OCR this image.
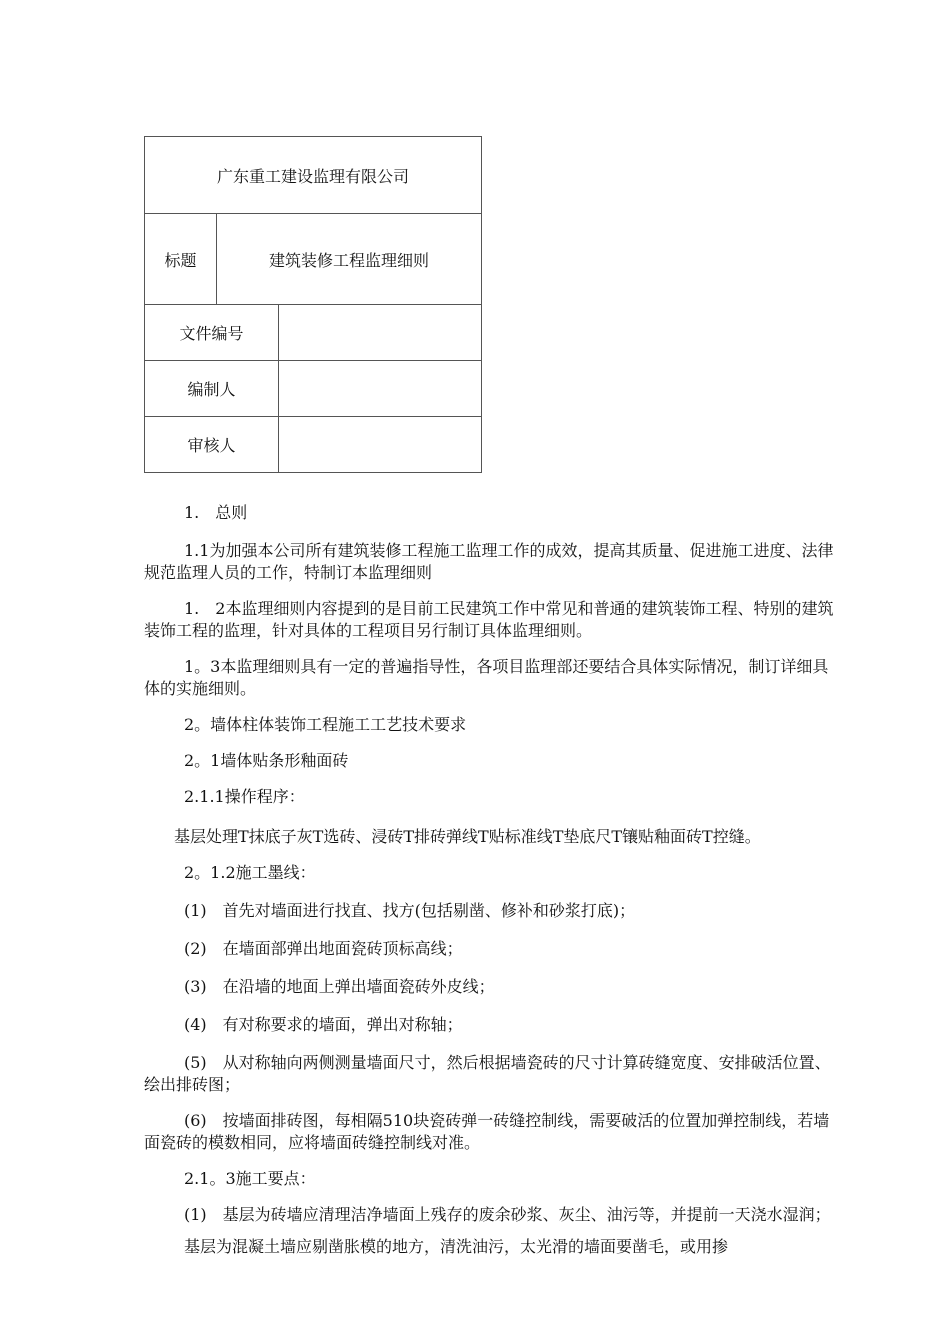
广东重工建设监理有限公司		
标题	建筑装修工程监理细则	
文件编号		
编制人		
审核人		

1.　总则

1.1为加强本公司所有建筑装修工程施工监理工作的成效，提高其质量、促进施工进度、法律规范监理人员的工作，特制订本监理细则

1.　2本监理细则内容提到的是目前工民建筑工作中常见和普通的建筑装饰工程、特别的建筑装饰工程的监理，针对具体的工程项目另行制订具体监理细则。

1。3本监理细则具有一定的普遍指导性，各项目监理部还要结合具体实际情况，制订详细具体的实施细则。

2。墙体柱体装饰工程施工工艺技术要求

2。1墙体贴条形釉面砖

2.1.1操作程序：

基层处理T抹底子灰T选砖、浸砖T排砖弹线T贴标准线T垫底尺T镶贴釉面砖T控缝。

2。1.2施工墨线：

(1)　首先对墙面进行找直、找方(包括剔凿、修补和砂浆打底)；

(2)　在墙面部弹出地面瓷砖顶标高线；

(3)　在沿墙的地面上弹出墙面瓷砖外皮线；

(4)　有对称要求的墙面，弹出对称轴；

(5)　从对称轴向两侧测量墙面尺寸，然后根据墙瓷砖的尺寸计算砖缝宽度、安排破活位置、绘出排砖图；

(6)　按墙面排砖图，每相隔510块瓷砖弹一砖缝控制线，需要破活的位置加弹控制线，若墙面瓷砖的模数相同，应将墙面砖缝控制线对准。

2.1。3施工要点：

(1)　基层为砖墙应清理洁净墙面上残存的废余砂浆、灰尘、油污等，并提前一天浇水湿润；

基层为混凝土墙应剔凿胀模的地方，清洗油污，太光滑的墙面要凿毛，或用掺
